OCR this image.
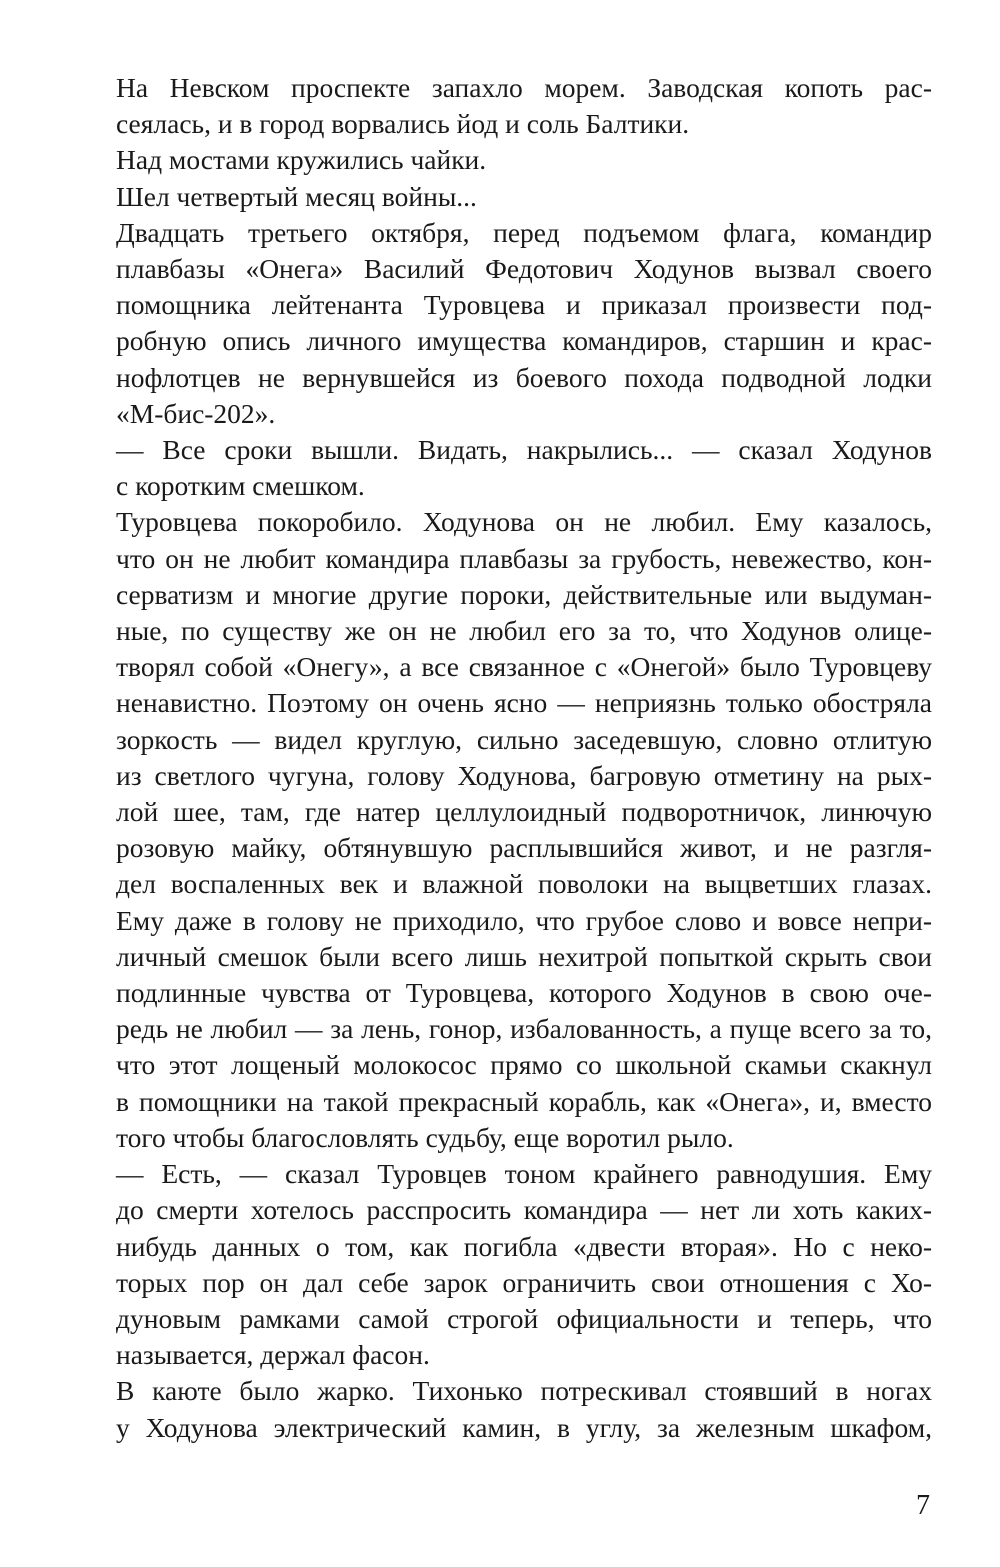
На Невском проспекте запахло морем. Заводская копоть рас-
сеялась, и в город ворвались йод и соль Балтики.

Над мостами кружились чайки.

Шел четвертый месяц войны...

Двадцать третьего октября, перед подъемом флага, командир
плавбазы «Онега» Василий Федотович Ходунов вызвал своего
помощника лейтенанта Туровцева и приказал произвести под-
робную опись личного имущества командиров, старшин и крас-
нофлотцев не вернувшейся из боевого похода подводной лодки
«М-бис-202».

— Все сроки вышли. Видать, накрылись... — сказал Ходунов
с коротким смешком.

Туровцева покоробило. Ходунова он не любил. Ему казалось,
что он не любит командира плавбазы за грубость, невежество, кон-
серватизм и многие другие пороки, действительные или выдуман-
ные, по существу же он не любил его за то, что Ходунов олице-
творял собой «Онегу», а все связанное с «Онегой» было Туровцеву
ненавистно. Поэтому он очень ясно — неприязнь только обостряла
зоркость — видел круглую, сильно заседевшую, словно отлитую
из светлого чугуна, голову Ходунова, багровую отметину на рых-
лой шее, там, где натер целлулоидный подворотничок, линючую
розовую майку, обтянувшую расплывшийся живот, и не разгля-
дел воспаленных век и влажной поволоки на выцветших глазах.
Ему даже в голову не приходило, что грубое слово и вовсе непри-
личный смешок были всего лишь нехитрой попыткой скрыть свои
подлинные чувства от Туровцева, которого Ходунов в свою оче-
редь не любил — за лень, гонор, избалованность, а пуще всего за то,
что этот лощеный молокосос прямо со школьной скамьи скакнул
в помощники на такой прекрасный корабль, как «Онега», и, вместо
того чтобы благословлять судьбу, еще воротил рыло.

— Есть, — сказал Туровцев тоном крайнего равнодушия. Ему
до смерти хотелось расспросить командира — нет ли хоть каких-
нибудь данных о том, как погибла «двести вторая». Но с неко-
торых пор он дал себе зарок ограничить свои отношения с Хо-
дуновым рамками самой строгой официальности и теперь, что
называется, держал фасон.

В каюте было жарко. Тихонько потрескивал стоявший в ногах
у Ходунова электрический камин, в углу, за железным шкафом,

7
